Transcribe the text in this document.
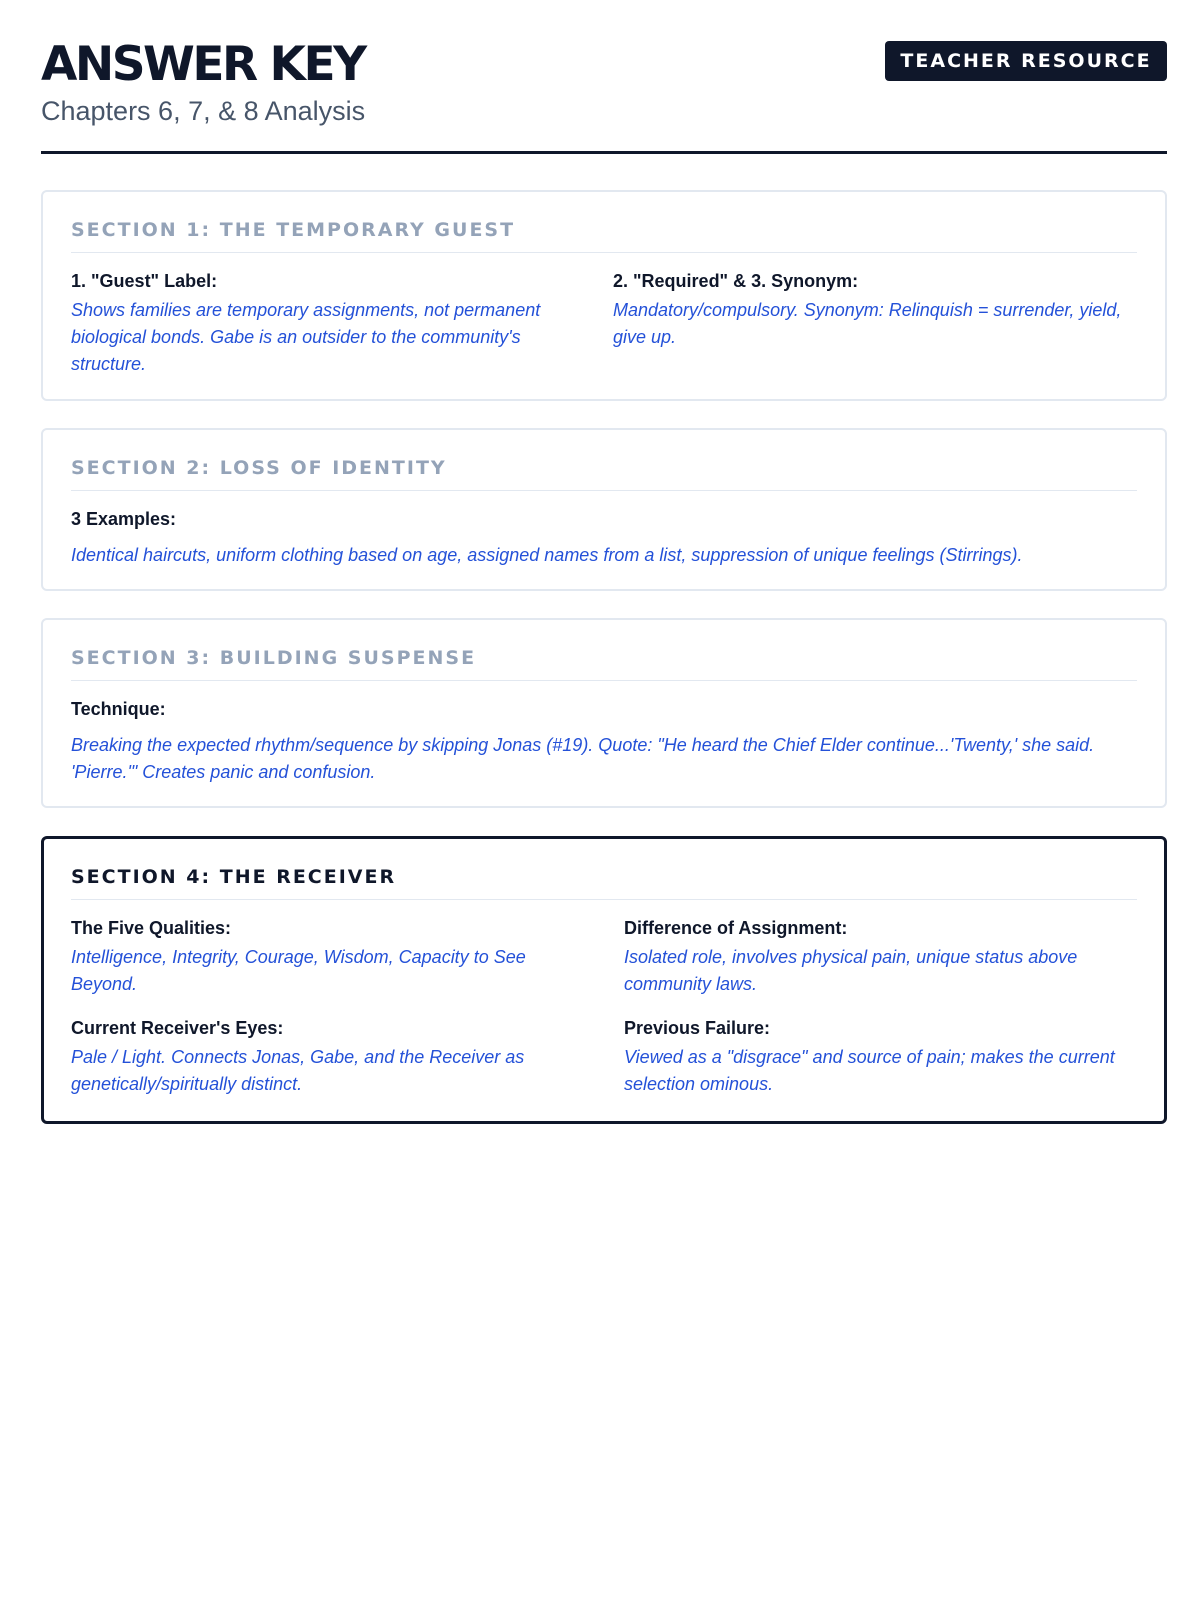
ANSWER KEY
Chapters 6, 7, & 8 Analysis
TEACHER RESOURCE
SECTION 1: THE TEMPORARY GUEST

1. "Guest" Label:

Shows families are temporary assignments, not permanent biological bonds. Gabe is an outsider to the community's structure.

2. "Required" & 3. Synonym:

Mandatory/compulsory. Synonym: Relinquish = surrender, yield, give up.

SECTION 2: LOSS OF IDENTITY

3 Examples:

Identical haircuts, uniform clothing based on age, assigned names from a list, suppression of unique feelings (Stirrings).

SECTION 3: BUILDING SUSPENSE

Technique:

Breaking the expected rhythm/sequence by skipping Jonas (#19). Quote: "He heard the Chief Elder continue...'Twenty,' she said. 'Pierre.'" Creates panic and confusion.

SECTION 4: THE RECEIVER

The Five Qualities:

Intelligence, Integrity, Courage, Wisdom, Capacity to See Beyond.

Difference of Assignment:

Isolated role, involves physical pain, unique status above community laws.

Current Receiver's Eyes:

Pale / Light. Connects Jonas, Gabe, and the Receiver as genetically/spiritually distinct.

Previous Failure:

Viewed as a "disgrace" and source of pain; makes the current selection ominous.
